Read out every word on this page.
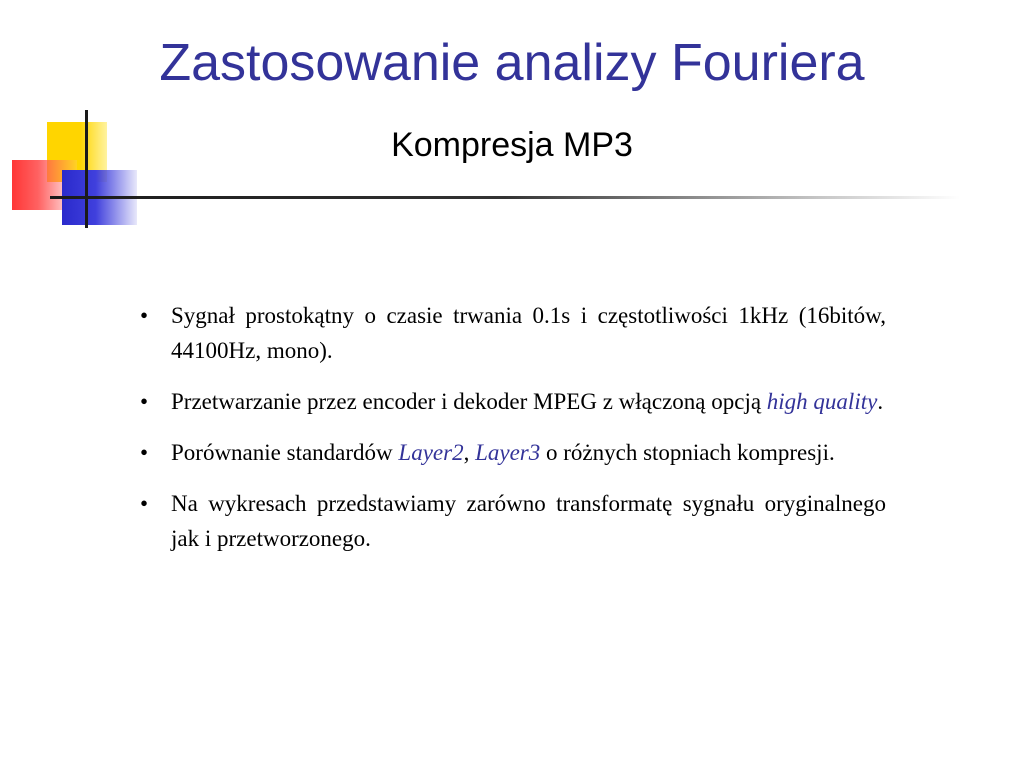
Zastosowanie analizy Fouriera
Kompresja MP3
• Sygnał prostokątny o czasie trwania 0.1s i częstotliwości 1kHz (16bitów, 44100Hz, mono).
• Przetwarzanie przez encoder i dekoder MPEG z włączoną opcją high quality.
• Porównanie standardów Layer2, Layer3 o różnych stopniach kompresji.
• Na wykresach przedstawiamy zarówno transformatę sygnału oryginalnego jak i przetworzonego.
